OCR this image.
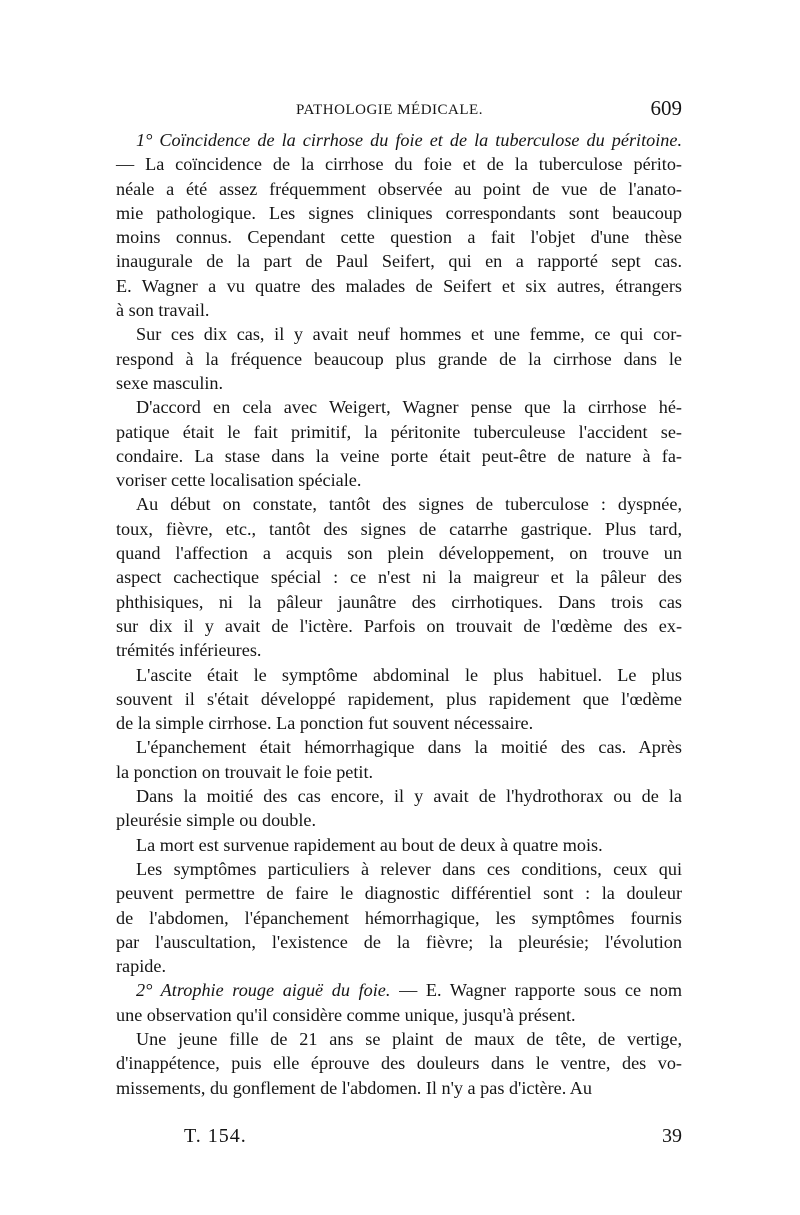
PATHOLOGIE MÉDICALE.	609
1° Coïncidence de la cirrhose du foie et de la tuberculose du péritoine.
— La coïncidence de la cirrhose du foie et de la tuberculose périto-
néale a été assez fréquemment observée au point de vue de l'anato-
mie pathologique. Les signes cliniques correspondants sont beaucoup
moins connus. Cependant cette question a fait l'objet d'une thèse
inaugurale de la part de Paul Seifert, qui en a rapporté sept cas.
E. Wagner a vu quatre des malades de Seifert et six autres, étrangers
à son travail.
Sur ces dix cas, il y avait neuf hommes et une femme, ce qui cor-
respond à la fréquence beaucoup plus grande de la cirrhose dans le
sexe masculin.
D'accord en cela avec Weigert, Wagner pense que la cirrhose hé-
patique était le fait primitif, la péritonite tuberculeuse l'accident se-
condaire. La stase dans la veine porte était peut-être de nature à fa-
voriser cette localisation spéciale.
Au début on constate, tantôt des signes de tuberculose : dyspnée,
toux, fièvre, etc., tantôt des signes de catarrhe gastrique. Plus tard,
quand l'affection a acquis son plein développement, on trouve un
aspect cachectique spécial : ce n'est ni la maigreur et la pâleur des
phthisiques, ni la pâleur jaunâtre des cirrhotiques. Dans trois cas
sur dix il y avait de l'ictère. Parfois on trouvait de l'œdème des ex-
trémités inférieures.
L'ascite était le symptôme abdominal le plus habituel. Le plus
souvent il s'était développé rapidement, plus rapidement que l'œdème
de la simple cirrhose. La ponction fut souvent nécessaire.
L'épanchement était hémorrhagique dans la moitié des cas. Après
la ponction on trouvait le foie petit.
Dans la moitié des cas encore, il y avait de l'hydrothorax ou de la
pleurésie simple ou double.
La mort est survenue rapidement au bout de deux à quatre mois.
Les symptômes particuliers à relever dans ces conditions, ceux qui
peuvent permettre de faire le diagnostic différentiel sont : la douleur
de l'abdomen, l'épanchement hémorrhagique, les symptômes fournis
par l'auscultation, l'existence de la fièvre; la pleurésie; l'évolution
rapide.
2° Atrophie rouge aiguë du foie. — E. Wagner rapporte sous ce nom
une observation qu'il considère comme unique, jusqu'à présent.
Une jeune fille de 21 ans se plaint de maux de tête, de vertige,
d'inappétence, puis elle éprouve des douleurs dans le ventre, des vo-
missements, du gonflement de l'abdomen. Il n'y a pas d'ictère. Au
T. 154.	39
